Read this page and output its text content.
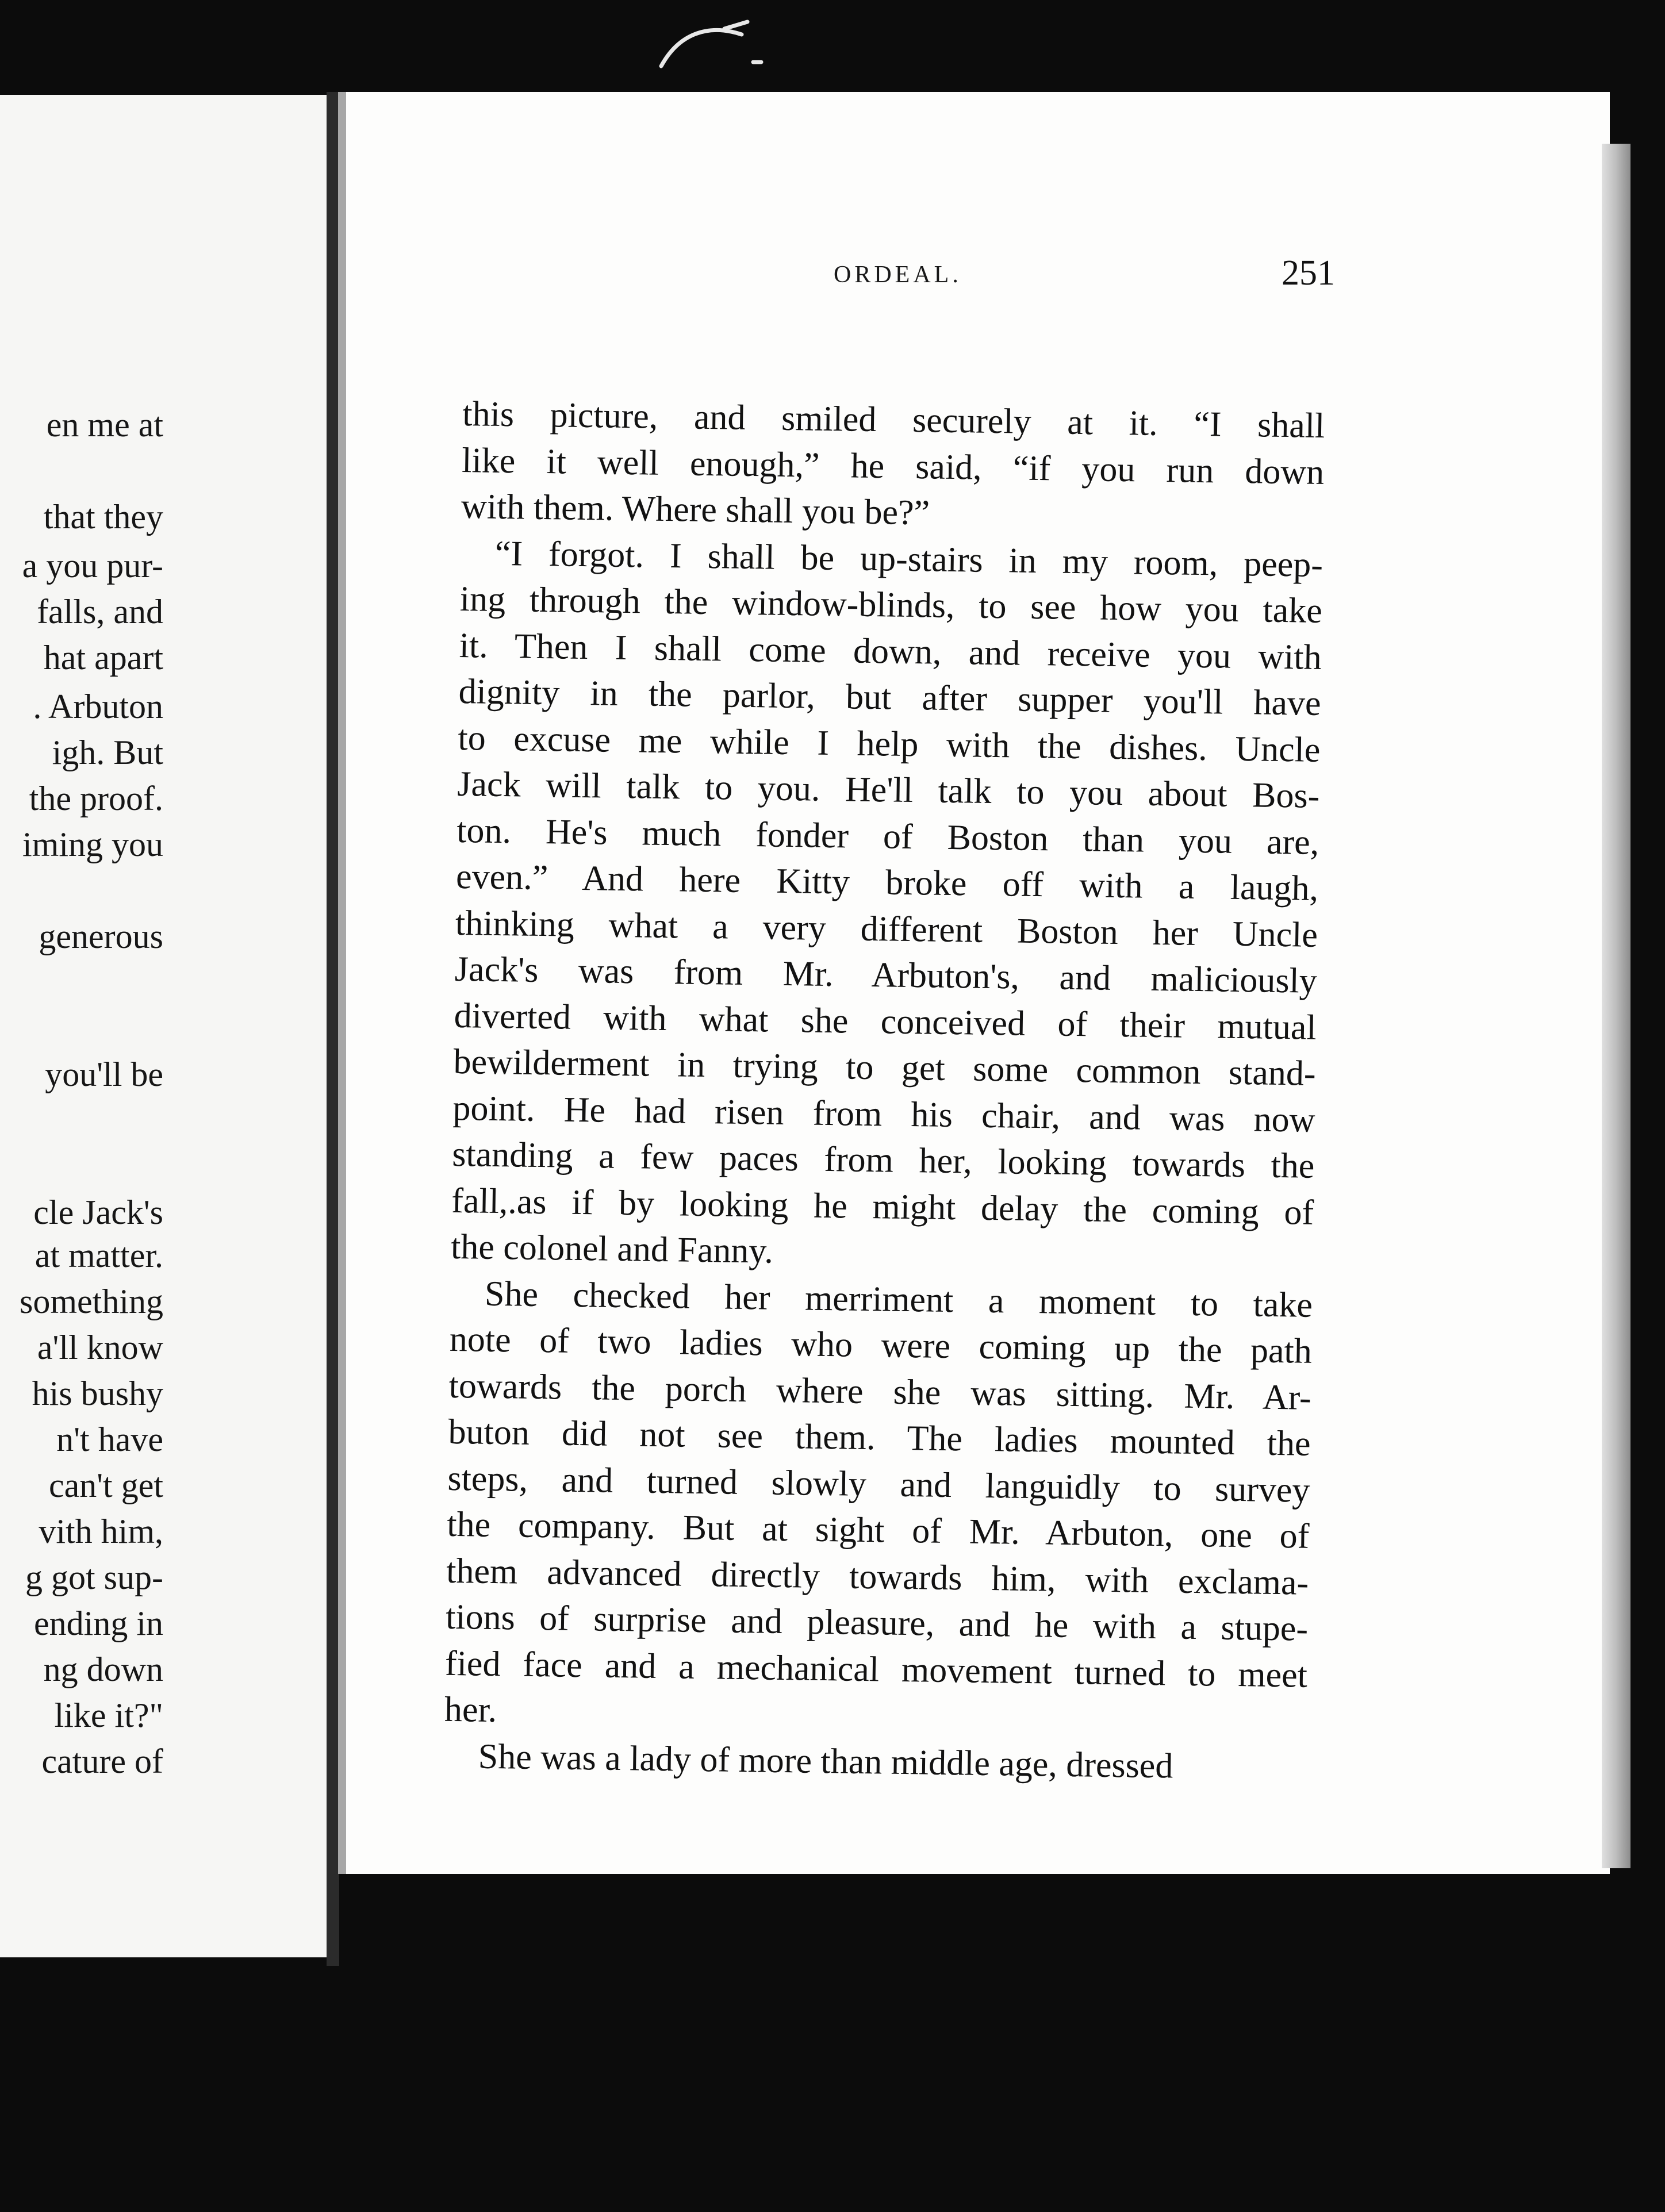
en me at
that they
a you pur-
falls, and
hat apart
. Arbuton
igh. But
the proof.
iming you
generous
you'll be
cle Jack's
at matter.
something
a'll know
his bushy
n't have
can't get
vith him,
g got sup-
ending in
ng down
like it?"
cature of
ORDEAL.	251
this picture, and smiled securely at it. “I shall
like it well enough,” he said, “if you run down
with them. Where shall you be?”
“I forgot. I shall be up-stairs in my room, peep-
ing through the window-blinds, to see how you take
it. Then I shall come down, and receive you with
dignity in the parlor, but after supper you'll have
to excuse me while I help with the dishes. Uncle
Jack will talk to you. He'll talk to you about Bos-
ton. He's much fonder of Boston than you are,
even.” And here Kitty broke off with a laugh,
thinking what a very different Boston her Uncle
Jack's was from Mr. Arbuton's, and maliciously
diverted with what she conceived of their mutual
bewilderment in trying to get some common stand-
point. He had risen from his chair, and was now
standing a few paces from her, looking towards the
fall,.as if by looking he might delay the coming of
the colonel and Fanny.
She checked her merriment a moment to take
note of two ladies who were coming up the path
towards the porch where she was sitting. Mr. Ar-
buton did not see them. The ladies mounted the
steps, and turned slowly and languidly to survey
the company. But at sight of Mr. Arbuton, one of
them advanced directly towards him, with exclama-
tions of surprise and pleasure, and he with a stupe-
fied face and a mechanical movement turned to meet
her.
She was a lady of more than middle age, dressed
